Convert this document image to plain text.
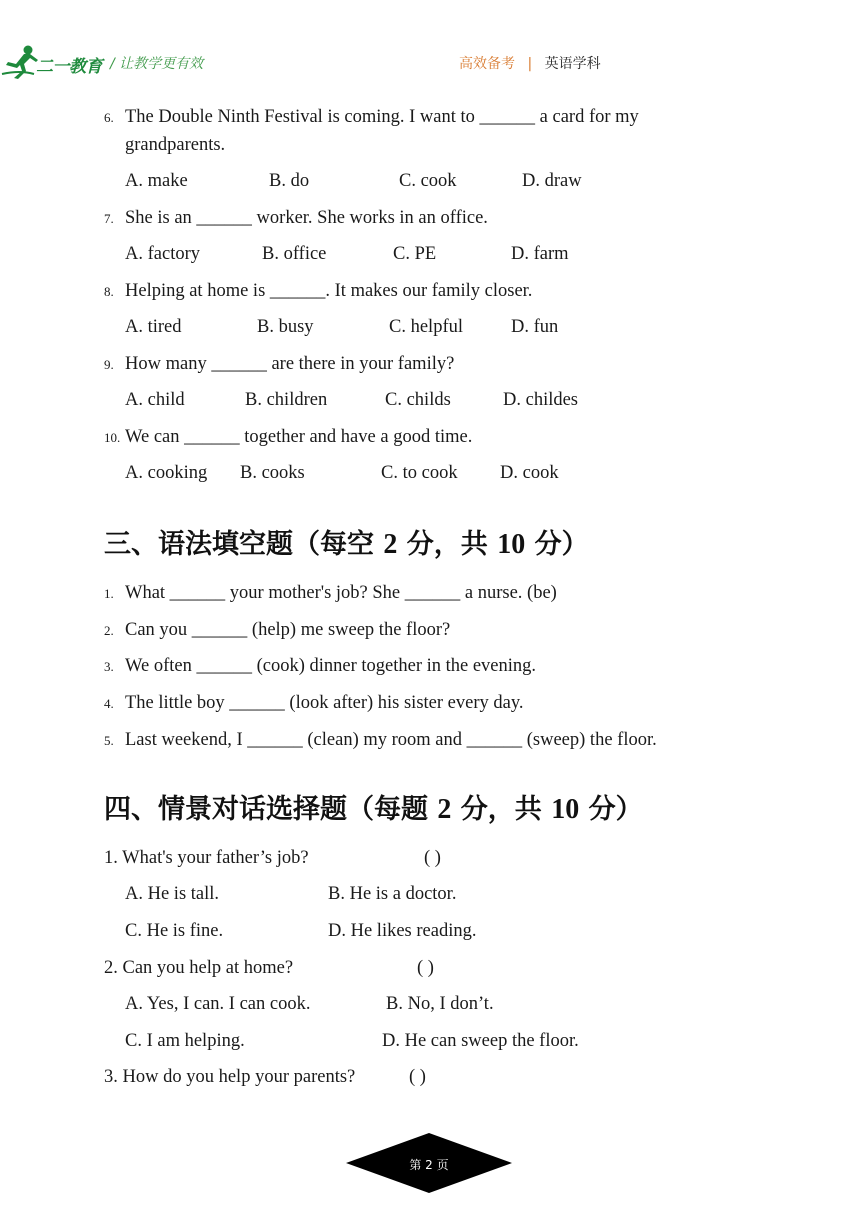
二一教育 / 让教学更有效	高效备考 | 英语学科
6. The Double Ninth Festival is coming. I want to ______ a card for my
grandparents.
A. make	B. do	C. cook	D. draw
7. She is an ______ worker. She works in an office.
A. factory	B. office	C. PE	D. farm
8. Helping at home is ______. It makes our family closer.
A. tired	B. busy	C. helpful	D. fun
9. How many ______ are there in your family?
A. child	B. children	C. childs	D. childes
10. We can ______ together and have a good time.
A. cooking B. cooks	C. to cook D. cook
三、语法填空题（每空 2 分，共 10 分）
1. What ______ your mother's job? She ______ a nurse. (be)
2. Can you ______ (help) me sweep the floor?
3. We often ______ (cook) dinner together in the evening.
4. The little boy ______ (look after) his sister every day.
5. Last weekend, I ______ (clean) my room and ______ (sweep) the floor.
四、情景对话选择题（每题 2 分，共 10 分）
1. What's your father’s job?	( )
A. He is tall.	B. He is a doctor.
C. He is fine.	D. He likes reading.
2. Can you help at home?	( )
A. Yes, I can. I can cook.	B. No, I don’t.
C. I am helping.	D. He can sweep the floor.
3. How do you help your parents?	( )
第 2 页
